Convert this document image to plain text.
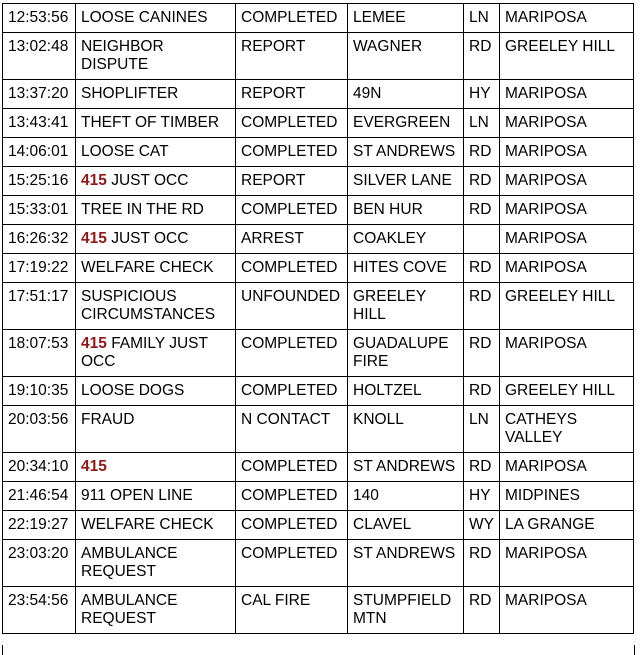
12:53:56	LOOSE CANINES	COMPLETED	LEMEE	LN	MARIPOSA
13:02:48	NEIGHBOR DISPUTE	REPORT	WAGNER	RD	GREELEY HILL
13:37:20	SHOPLIFTER	REPORT	49N	HY	MARIPOSA
13:43:41	THEFT OF TIMBER	COMPLETED	EVERGREEN	LN	MARIPOSA
14:06:01	LOOSE CAT	COMPLETED	ST ANDREWS	RD	MARIPOSA
15:25:16	415 JUST OCC	REPORT	SILVER LANE	RD	MARIPOSA
15:33:01	TREE IN THE RD	COMPLETED	BEN HUR	RD	MARIPOSA
16:26:32	415 JUST OCC	ARREST	COAKLEY		MARIPOSA
17:19:22	WELFARE CHECK	COMPLETED	HITES COVE	RD	MARIPOSA
17:51:17	SUSPICIOUS CIRCUMSTANCES	UNFOUNDED	GREELEY HILL	RD	GREELEY HILL
18:07:53	415 FAMILY JUST OCC	COMPLETED	GUADALUPE FIRE	RD	MARIPOSA
19:10:35	LOOSE DOGS	COMPLETED	HOLTZEL	RD	GREELEY HILL
20:03:56	FRAUD	N CONTACT	KNOLL	LN	CATHEYS VALLEY
20:34:10	415	COMPLETED	ST ANDREWS	RD	MARIPOSA
21:46:54	911 OPEN LINE	COMPLETED	140	HY	MIDPINES
22:19:27	WELFARE CHECK	COMPLETED	CLAVEL	WY	LA GRANGE
23:03:20	AMBULANCE REQUEST	COMPLETED	ST ANDREWS	RD	MARIPOSA
23:54:56	AMBULANCE REQUEST	CAL FIRE	STUMPFIELD MTN	RD	MARIPOSA
